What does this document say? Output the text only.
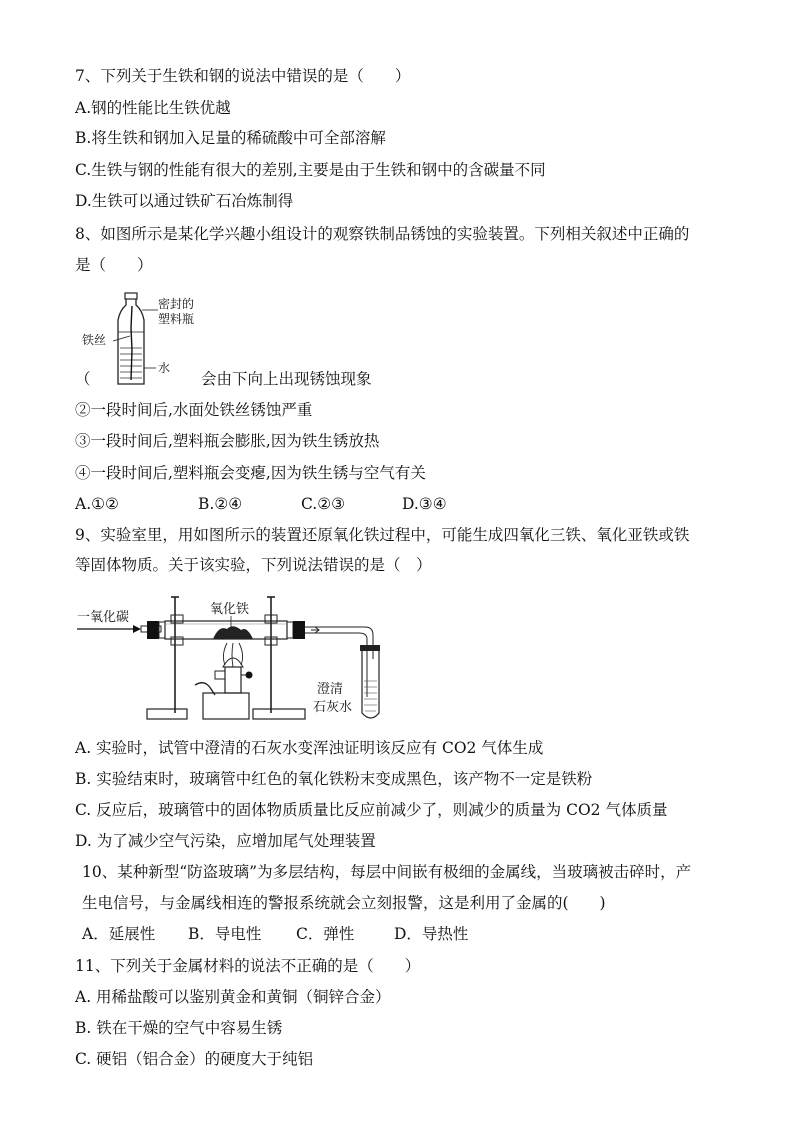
7、下列关于生铁和钢的说法中错误的是（　　）
A.钢的性能比生铁优越
B.将生铁和钢加入足量的稀硫酸中可全部溶解
C.生铁与钢的性能有很大的差别,主要是由于生铁和钢中的含碳量不同
D.生铁可以通过铁矿石冶炼制得
8、如图所示是某化学兴趣小组设计的观察铁制品锈蚀的实验装置。下列相关叙述中正确的
是（　　）
密封的
塑料瓶
铁丝
水
（	会由下向上出现锈蚀现象
②一段时间后,水面处铁丝锈蚀严重
③一段时间后,塑料瓶会膨胀,因为铁生锈放热
④一段时间后,塑料瓶会变瘪,因为铁生锈与空气有关
A.①②	B.②④	C.②③	D.③④
9、实验室里，用如图所示的装置还原氧化铁过程中，可能生成四氧化三铁、氧化亚铁或铁
等固体物质。关于该实验，下列说法错误的是（　）
一氧化碳
氧化铁
澄清
石灰水
A. 实验时，试管中澄清的石灰水变浑浊证明该反应有 CO2 气体生成
B. 实验结束时，玻璃管中红色的氧化铁粉末变成黑色，该产物不一定是铁粉
C. 反应后，玻璃管中的固体物质质量比反应前减少了，则减少的质量为 CO2 气体质量
D. 为了减少空气污染，应增加尾气处理装置
10、某种新型“防盗玻璃”为多层结构，每层中间嵌有极细的金属线，当玻璃被击碎时，产
生电信号，与金属线相连的警报系统就会立刻报警，这是利用了金属的(　　)
A．延展性 B．导电性 C．弹性	D．导热性
11、下列关于金属材料的说法不正确的是（　　）
A. 用稀盐酸可以鉴别黄金和黄铜（铜锌合金）
B. 铁在干燥的空气中容易生锈
C. 硬铝（铝合金）的硬度大于纯铝
